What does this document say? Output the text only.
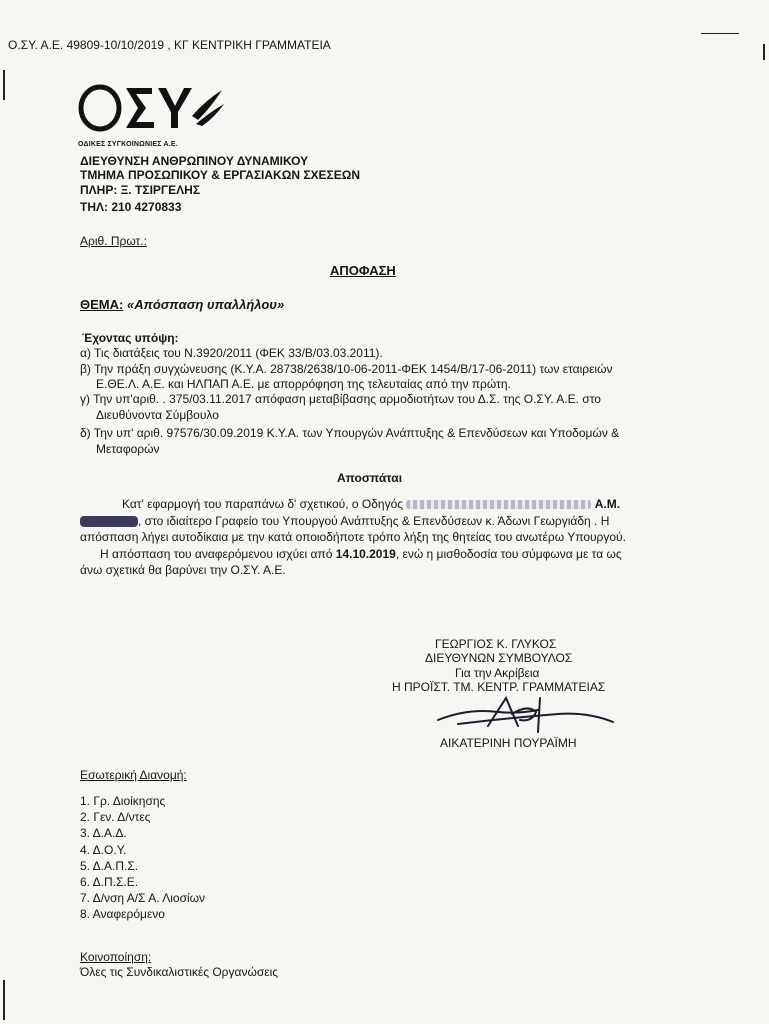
Ο.ΣΥ. Α.Ε. 49809-10/10/2019 , ΚΓ ΚΕΝΤΡΙΚΗ ΓΡΑΜΜΑΤΕΙΑ
ΟΔΙΚΕΣ ΣΥΓΚΟΙΝΩΝΙΕΣ Α.Ε.
ΔΙΕΥΘΥΝΣΗ ΑΝΘΡΩΠΙΝΟΥ ΔΥΝΑΜΙΚΟΥ
ΤΜΗΜΑ ΠΡΟΣΩΠΙΚΟΥ & ΕΡΓΑΣΙΑΚΩΝ ΣΧΕΣΕΩΝ
ΠΛΗΡ: Ξ. ΤΣΙΡΓΕΛΗΣ
ΤΗΛ: 210 4270833
Αριθ. Πρωτ.:
ΑΠΟΦΑΣΗ
ΘΕΜΑ: «Απόσπαση υπαλλήλου»
Έχοντας υπόψη:
α) Τις διατάξεις του Ν.3920/2011 (ΦΕΚ 33/Β/03.03.2011).
β) Την πράξη συγχώνευσης (Κ.Υ.Α. 28738/2638/10-06-2011-ΦΕΚ 1454/Β/17-06-2011) των εταιρειών
Ε.ΘΕ.Λ. Α.Ε. και ΗΛΠΑΠ Α.Ε. με απορρόφηση της τελευταίας από την πρώτη.
γ) Την υπ'αριθ. . 375/03.11.2017 απόφαση μεταβίβασης αρμοδιοτήτων του Δ.Σ. της Ο.ΣΥ. Α.Ε. στο
Διευθύνοντα Σύμβουλο
δ) Την υπ' αριθ. 97576/30.09.2019 Κ.Υ.Α. των Υπουργών Ανάπτυξης & Επενδύσεων και Υποδομών &
Μεταφορών
Αποσπάται
Κατ' εφαρμογή του παραπάνω δ' σχετικού, ο Οδηγός	Α.Μ.
, στο ιδιαίτερο Γραφείο του Υπουργού Ανάπτυξης & Επενδύσεων κ. Άδωνι Γεωργιάδη . Η
απόσπαση λήγει αυτοδίκαια με την κατά οποιοδήποτε τρόπο λήξη της θητείας του ανωτέρω Υπουργού.
Η απόσπαση του αναφερόμενου ισχύει από 14.10.2019, ενώ η μισθοδοσία του σύμφωνα με τα ως
άνω σχετικά θα βαρύνει την Ο.ΣΥ. Α.Ε.
ΓΕΩΡΓΙΟΣ Κ. ΓΛΥΚΟΣ
ΔΙΕΥΘΥΝΩΝ ΣΥΜΒΟΥΛΟΣ
Για την Ακρίβεια
Η ΠΡΟΪΣΤ. ΤΜ. ΚΕΝΤΡ. ΓΡΑΜΜΑΤΕΙΑΣ
ΑΙΚΑΤΕΡΙΝΗ ΠΟΥΡΑΪΜΗ
Εσωτερική Διανομή:
1. Γρ. Διοίκησης
2. Γεν. Δ/ντες
3. Δ.Α.Δ.
4. Δ.Ο.Υ.
5. Δ.Α.Π.Σ.
6. Δ.Π.Σ.Ε.
7. Δ/νση Α/Σ Α. Λιοσίων
8. Αναφερόμενο
Κοινοποίηση:
Όλες τις Συνδικαλιστικές Οργανώσεις
